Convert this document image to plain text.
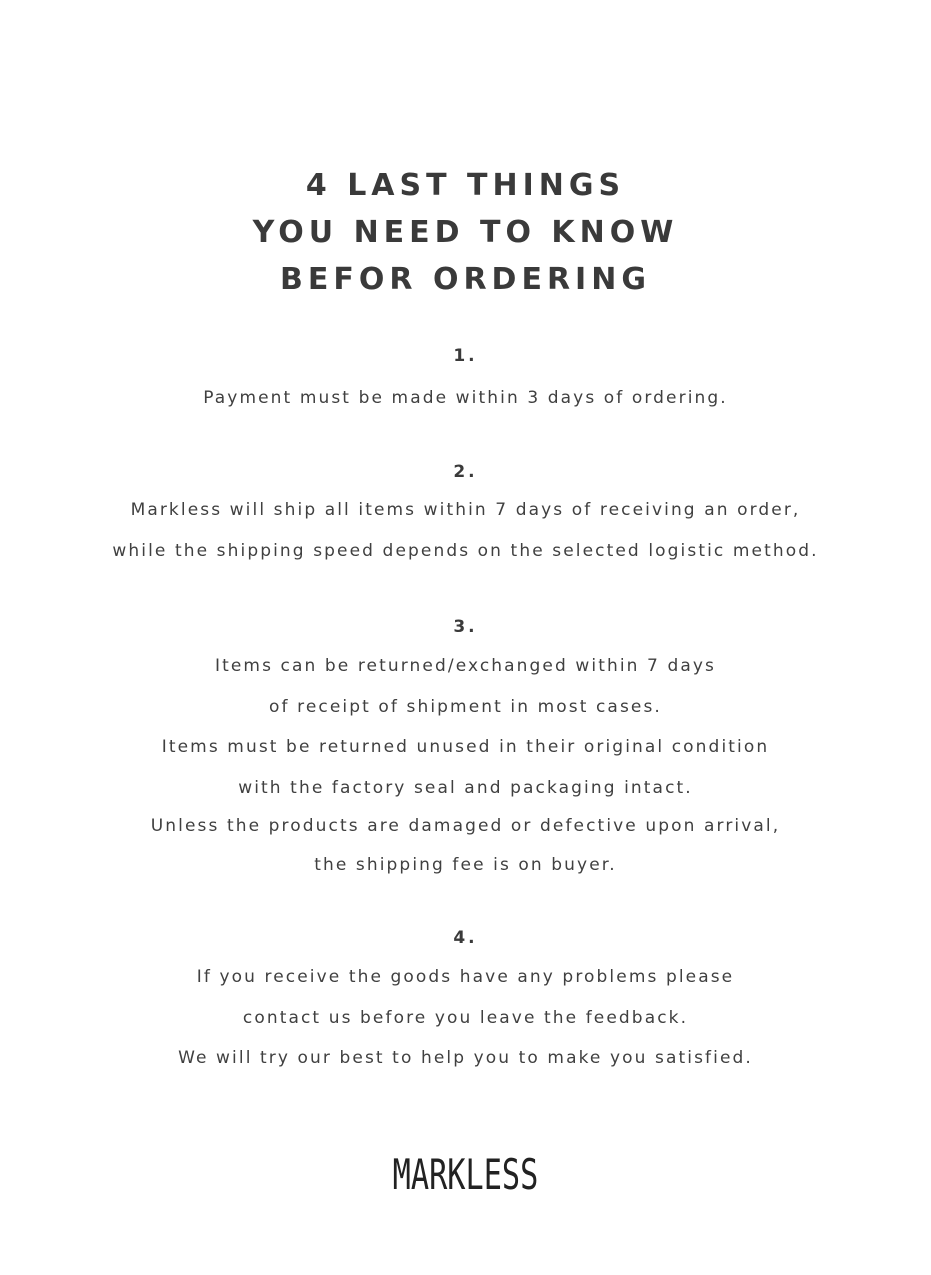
4 LAST THINGS
YOU NEED TO KNOW
BEFOR ORDERING
1.
Payment must be made within 3 days of ordering.
2.
Markless will ship all items within 7 days of receiving an order,
while the shipping speed depends on the selected logistic method.
3.
Items can be returned/exchanged within 7 days
of receipt of shipment in most cases.
Items must be returned unused in their original condition
with the factory seal and packaging intact.
Unless the products are damaged or defective upon arrival,
the shipping fee is on buyer.
4.
If you receive the goods have any problems please
contact us before you leave the feedback.
We will try our best to help you to make you satisfied.
MARKLESS
